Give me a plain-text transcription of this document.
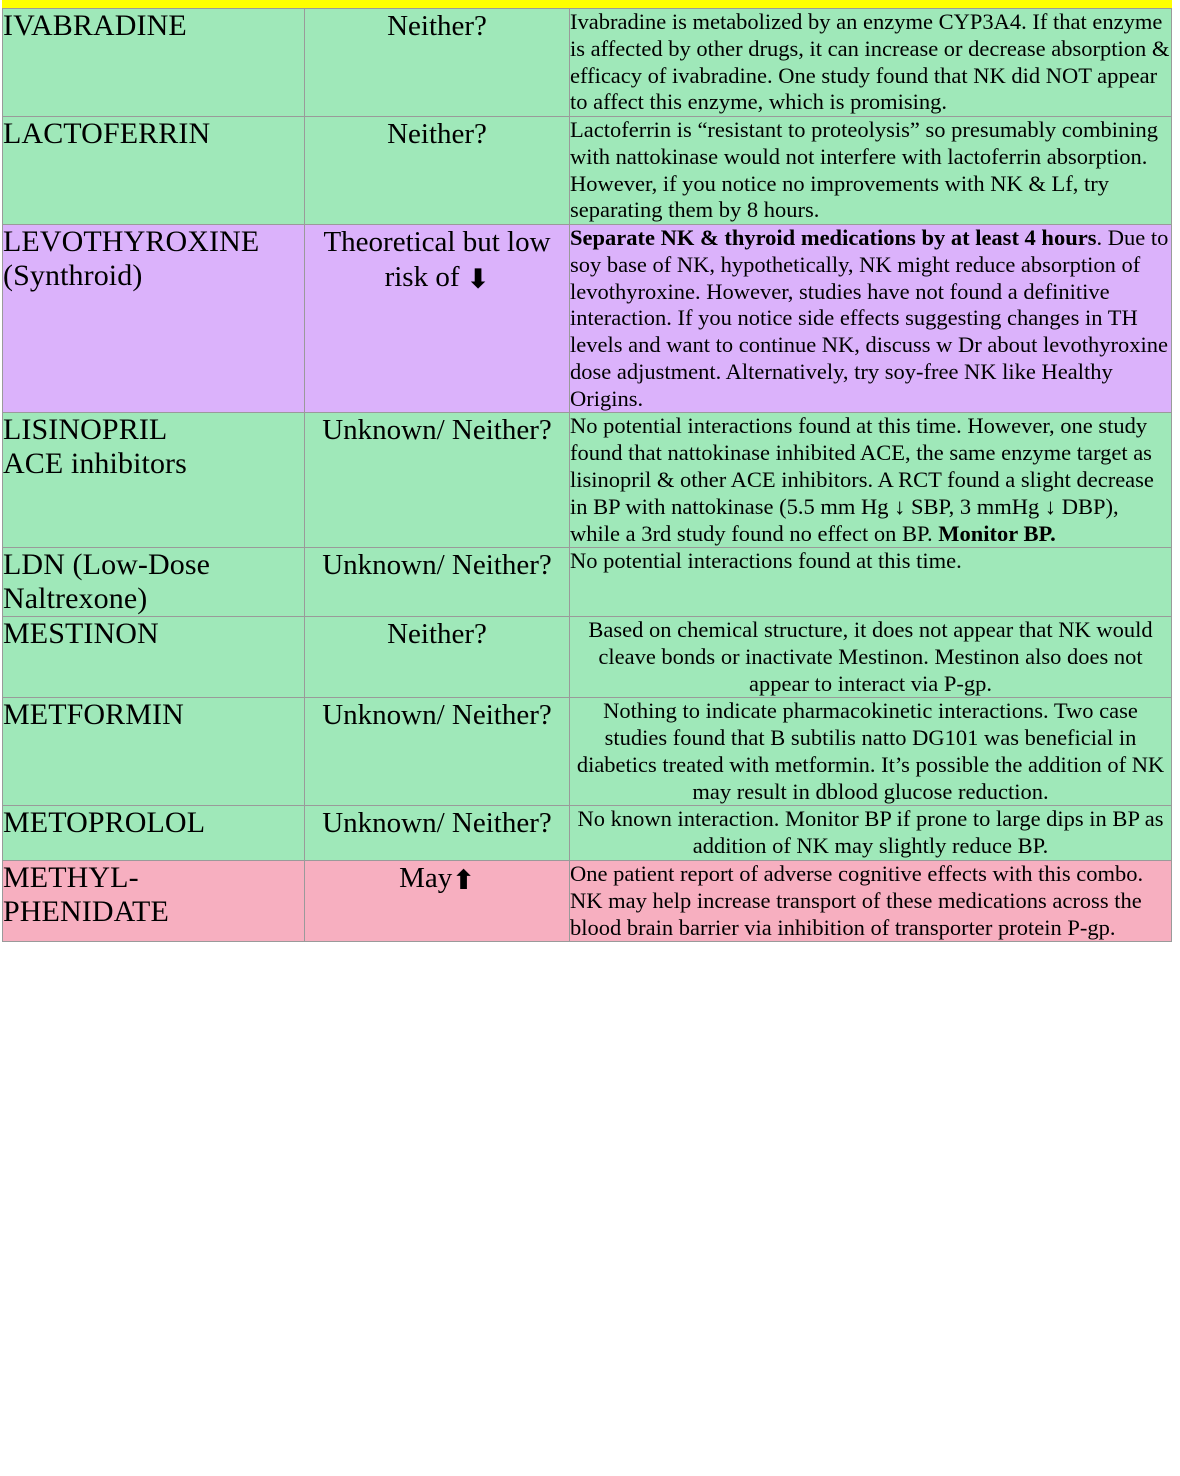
IVABRADINE	Neither?	Ivabradine is metabolized by an enzyme CYP3A4. If that enzyme is affected by other drugs, it can increase or decrease absorption & efficacy of ivabradine. One study found that NK did NOT appear to affect this enzyme, which is promising.
LACTOFERRIN	Neither?	Lactoferrin is “resistant to proteolysis” so presumably combining with nattokinase would not interfere with lactoferrin absorption. However, if you notice no improvements with NK & Lf, try separating them by 8 hours.

LEVOTHYROXINE
(Synthroid)	Theoretical but low risk of ⬇	Separate NK & thyroid medications by at least 4 hours. Due to soy base of NK, hypothetically, NK might reduce absorption of levothyroxine. However, studies have not found a definitive interaction. If you notice side effects suggesting changes in TH levels and want to continue NK, discuss w Dr about levothyroxine dose adjustment. Alternatively, try soy-free NK like Healthy Origins.

LISINOPRIL
ACE inhibitors	Unknown/ Neither?	No potential interactions found at this time. However, one study found that nattokinase inhibited ACE, the same enzyme target as lisinopril & other ACE inhibitors. A RCT found a slight decrease in BP with nattokinase (5.5 mm Hg ↓ SBP, 3 mmHg ↓ DBP), while a 3rd study found no effect on BP. Monitor BP.

LDN (Low-Dose
Naltrexone)	Unknown/ Neither?	No potential interactions found at this time.
MESTINON	Neither?	Based on chemical structure, it does not appear that NK would cleave bonds or inactivate Mestinon. Mestinon also does not appear to interact via P-gp.
METFORMIN	Unknown/ Neither?	Nothing to indicate pharmacokinetic interactions. Two case studies found that B subtilis natto DG101 was beneficial in diabetics treated with metformin. It’s possible the addition of NK may result in dblood glucose reduction.
METOPROLOL	Unknown/ Neither?	No known interaction. Monitor BP if prone to large dips in BP as addition of NK may slightly reduce BP.

METHYL-
PHENIDATE	May⬆	One patient report of adverse cognitive effects with this combo. NK may help increase transport of these medications across the blood brain barrier via inhibition of transporter protein P-gp.
